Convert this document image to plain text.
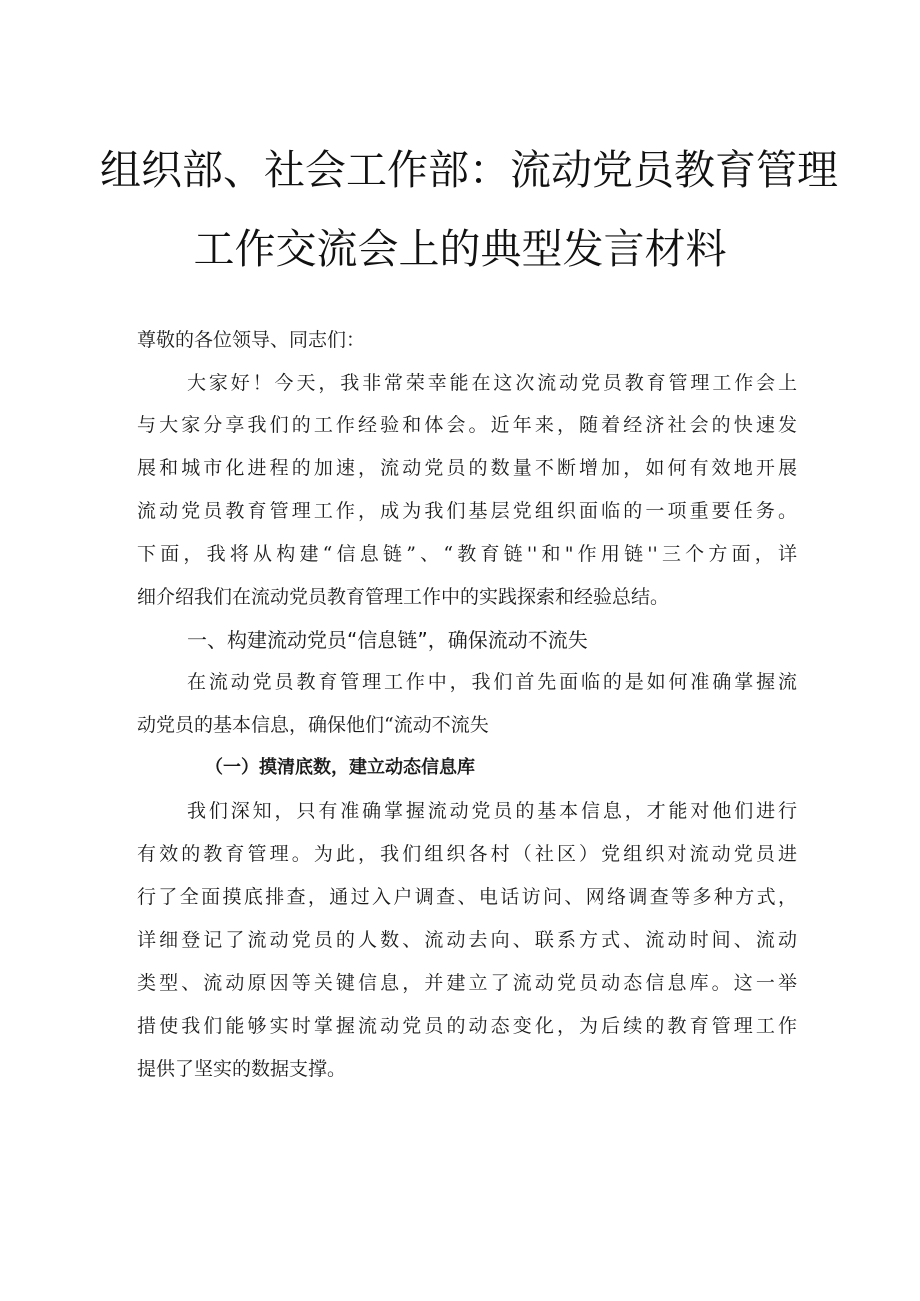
组织部、社会工作部：流动党员教育管理
工作交流会上的典型发言材料

尊敬的各位领导、同志们：

大家好！今天，我非常荣幸能在这次流动党员教育管理工作会上

与大家分享我们的工作经验和体会。近年来，随着经济社会的快速发

展和城市化进程的加速，流动党员的数量不断增加，如何有效地开展

流动党员教育管理工作，成为我们基层党组织面临的一项重要任务。

下面，我将从构建“信息链”、“教育链''和"作用链''三个方面，详

细介绍我们在流动党员教育管理工作中的实践探索和经验总结。

一、构建流动党员“信息链”，确保流动不流失

在流动党员教育管理工作中，我们首先面临的是如何准确掌握流

动党员的基本信息，确保他们“流动不流失

（一）摸清底数，建立动态信息库

我们深知，只有准确掌握流动党员的基本信息，才能对他们进行

有效的教育管理。为此，我们组织各村（社区）党组织对流动党员进

行了全面摸底排查，通过入户调查、电话访问、网络调查等多种方式，

详细登记了流动党员的人数、流动去向、联系方式、流动时间、流动

类型、流动原因等关键信息，并建立了流动党员动态信息库。这一举

措使我们能够实时掌握流动党员的动态变化，为后续的教育管理工作

提供了坚实的数据支撑。
